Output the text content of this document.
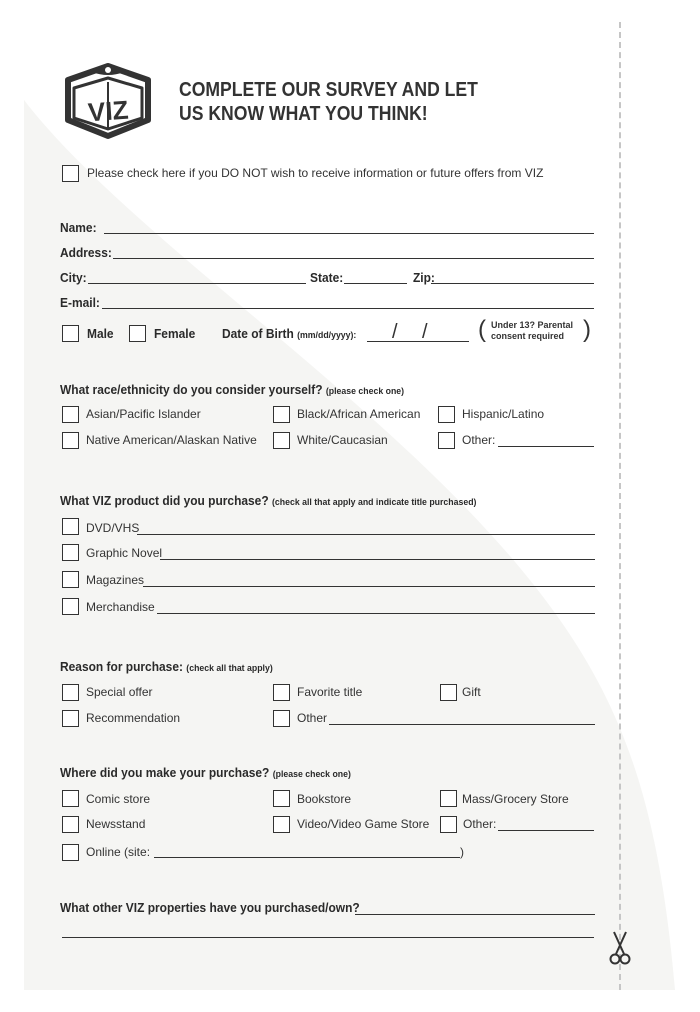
VIZ
COMPLETE OUR SURVEY AND LET
US KNOW WHAT YOU THINK!
Please check here if you DO NOT wish to receive information or future offers from VIZ
Name:
Address:
City:	State:	Zip:
E-mail:
Male	Female Date of Birth (mm/dd/yyyy): / / ( Under 13? Parental
consent required )
What race/ethnicity do you consider yourself? (please check one)
Asian/Pacific Islander	Black/African American	Hispanic/Latino
Native American/Alaskan Native	White/Caucasian	Other:
What VIZ product did you purchase? (check all that apply and indicate title purchased)
DVD/VHS
Graphic Novel
Magazines
Merchandise
Reason for purchase: (check all that apply)
Special offer	Favorite title	Gift
Recommendation	Other
Where did you make your purchase? (please check one)
Comic store	Bookstore	Mass/Grocery Store
Newsstand	Video/Video Game Store	Other:
Online (site:	)
What other VIZ properties have you purchased/own?
